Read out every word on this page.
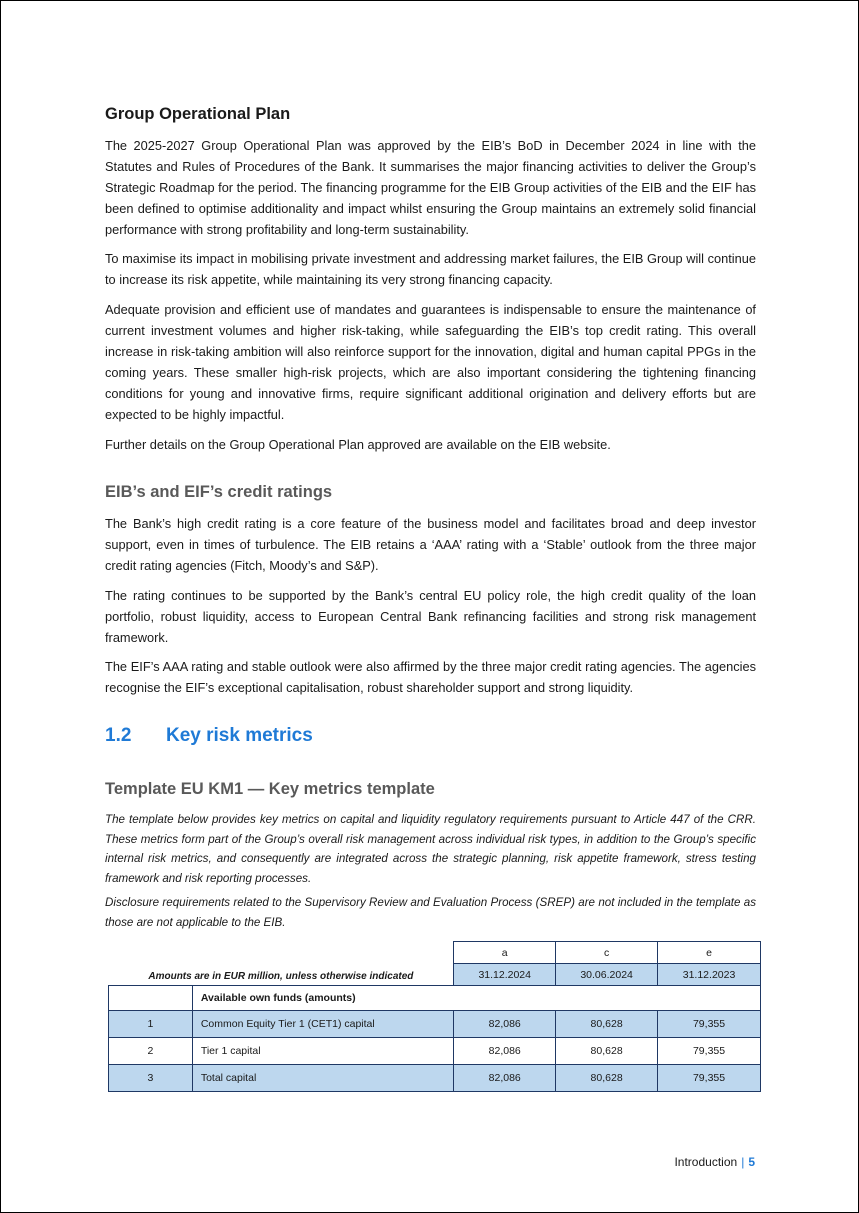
Group Operational Plan

The 2025-2027 Group Operational Plan was approved by the EIB’s BoD in December 2024 in line with the Statutes and Rules of Procedures of the Bank. It summarises the major financing activities to deliver the Group’s Strategic Roadmap for the period. The financing programme for the EIB Group activities of the EIB and the EIF has been defined to optimise additionality and impact whilst ensuring the Group maintains an extremely solid financial performance with strong profitability and long-term sustainability.

To maximise its impact in mobilising private investment and addressing market failures, the EIB Group will continue to increase its risk appetite, while maintaining its very strong financing capacity.

Adequate provision and efficient use of mandates and guarantees is indispensable to ensure the maintenance of current investment volumes and higher risk-taking, while safeguarding the EIB’s top credit rating. This overall increase in risk-taking ambition will also reinforce support for the innovation, digital and human capital PPGs in the coming years. These smaller high-risk projects, which are also important considering the tightening financing conditions for young and innovative firms, require significant additional origination and delivery efforts but are expected to be highly impactful.

Further details on the Group Operational Plan approved are available on the EIB website.

EIB’s and EIF’s credit ratings

The Bank’s high credit rating is a core feature of the business model and facilitates broad and deep investor support, even in times of turbulence. The EIB retains a ‘AAA’ rating with a ‘Stable’ outlook from the three major credit rating agencies (Fitch, Moody’s and S&P).

The rating continues to be supported by the Bank’s central EU policy role, the high credit quality of the loan portfolio, robust liquidity, access to European Central Bank refinancing facilities and strong risk management framework.

The EIF’s AAA rating and stable outlook were also affirmed by the three major credit rating agencies. The agencies recognise the EIF’s exceptional capitalisation, robust shareholder support and strong liquidity.

1.2 Key risk metrics
Template EU KM1 — Key metrics template

The template below provides key metrics on capital and liquidity regulatory requirements pursuant to Article 447 of the CRR. These metrics form part of the Group’s overall risk management across individual risk types, in addition to the Group’s specific internal risk metrics, and consequently are integrated across the strategic planning, risk appetite framework, stress testing framework and risk reporting processes.

Disclosure requirements related to the Supervisory Review and Evaluation Process (SREP) are not included in the template as those are not applicable to the EIB.

Amounts are in EUR million, unless otherwise indicated		a	c	e
		31.12.2024	30.06.2024	31.12.2023
	Available own funds (amounts)			
1	Common Equity Tier 1 (CET1) capital	82,086	80,628	79,355
2	Tier 1 capital	82,086	80,628	79,355
3	Total capital	82,086	80,628	79,355
Introduction | 5
